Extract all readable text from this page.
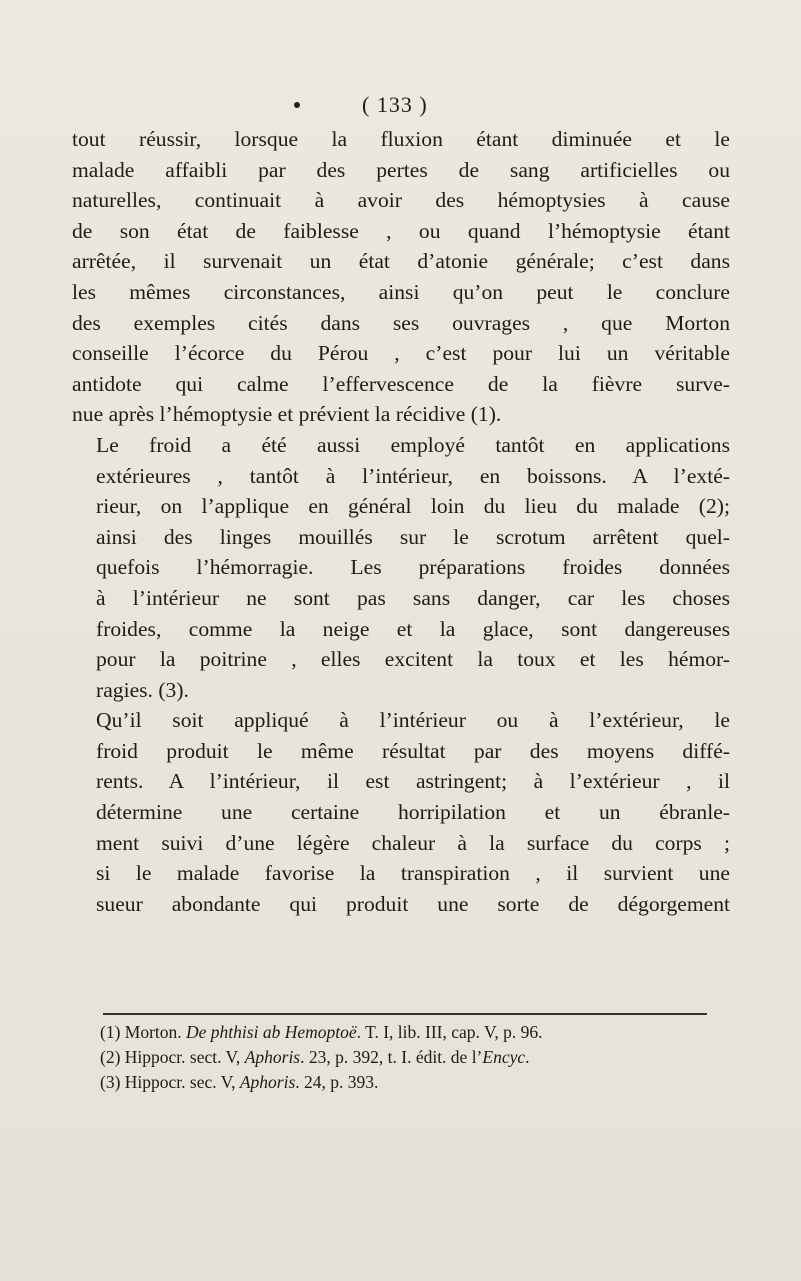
( 133 )

tout réussir, lorsque la fluxion étant diminuée et le
malade affaibli par des pertes de sang artificielles ou
naturelles, continuait à avoir des hémoptysies à cause
de son état de faiblesse , ou quand l’hémoptysie étant
arrêtée, il survenait un état d’atonie générale; c’est dans
les mêmes circonstances, ainsi qu’on peut le conclure
des exemples cités dans ses ouvrages , que Morton
conseille l’écorce du Pérou , c’est pour lui un véritable
antidote qui calme l’effervescence de la fièvre surve-
nue après l’hémoptysie et prévient la récidive (1).

Le froid a été aussi employé tantôt en applications
extérieures , tantôt à l’intérieur, en boissons. A l’exté-
rieur, on l’applique en général loin du lieu du malade (2);
ainsi des linges mouillés sur le scrotum arrêtent quel-
quefois l’hémorragie. Les préparations froides données
à l’intérieur ne sont pas sans danger, car les choses
froides, comme la neige et la glace, sont dangereuses
pour la poitrine , elles excitent la toux et les hémor-
ragies. (3).

Qu’il soit appliqué à l’intérieur ou à l’extérieur, le
froid produit le même résultat par des moyens diffé-
rents. A l’intérieur, il est astringent; à l’extérieur , il
détermine une certaine horripilation et un ébranle-
ment suivi d’une légère chaleur à la surface du corps ;
si le malade favorise la transpiration , il survient une
sueur abondante qui produit une sorte de dégorgement

(1) Morton. De phthisi ab Hemoptoë. T. I, lib. III, cap. V, p. 96.
(2) Hippocr. sect. V, Aphoris. 23, p. 392, t. I. édit. de l’Encyc.
(3) Hippocr. sec. V, Aphoris. 24, p. 393.
